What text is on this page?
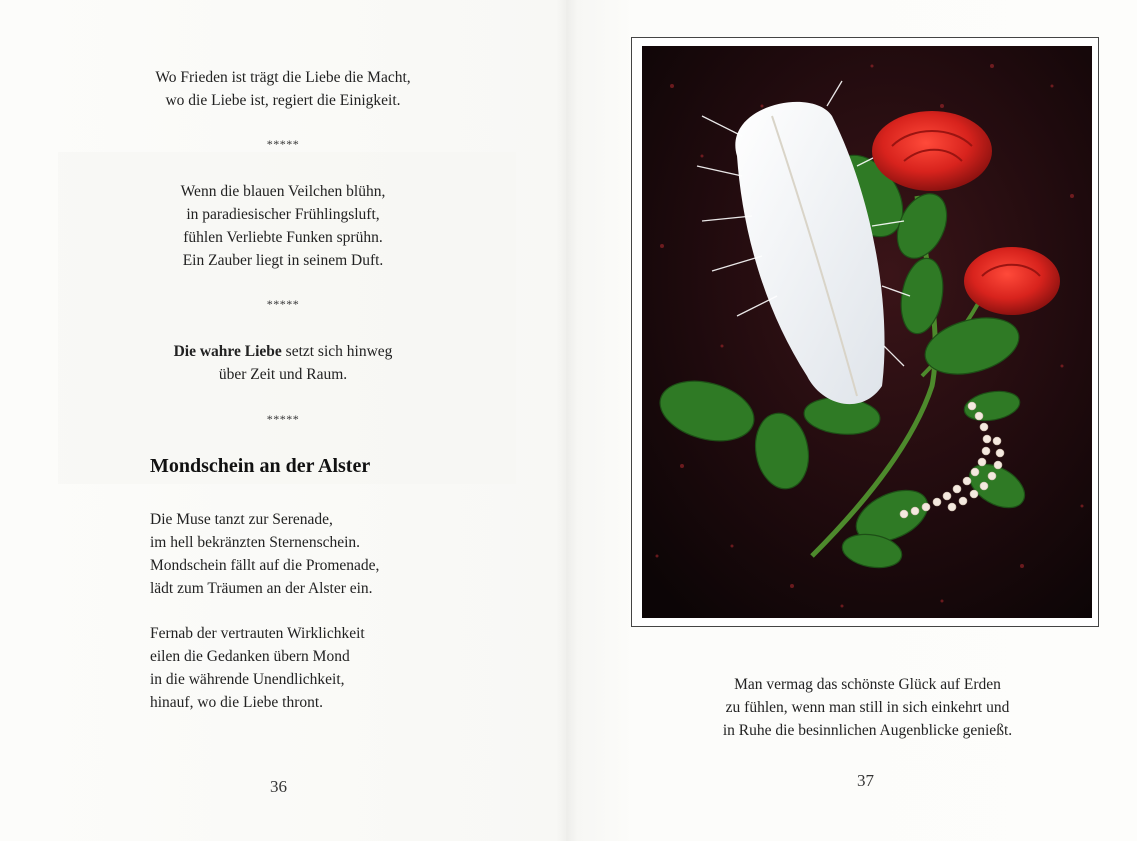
Wo Frieden ist trägt die Liebe die Macht,
wo die Liebe ist, regiert die Einigkeit.
*****
Wenn die blauen Veilchen blühn,
in paradiesischer Frühlingsluft,
fühlen Verliebte Funken sprühn.
Ein Zauber liegt in seinem Duft.
*****
Die wahre Liebe setzt sich hinweg
über Zeit und Raum.
*****
Mondschein an der Alster
Die Muse tanzt zur Serenade,
im hell bekränzten Sternenschein.
Mondschein fällt auf die Promenade,
lädt zum Träumen an der Alster ein.
Fernab der vertrauten Wirklichkeit
eilen die Gedanken übern Mond
in die währende Unendlichkeit,
hinauf, wo die Liebe thront.
36
Man vermag das schönste Glück auf Erden
zu fühlen, wenn man still in sich einkehrt und
in Ruhe die besinnlichen Augenblicke genießt.
37
